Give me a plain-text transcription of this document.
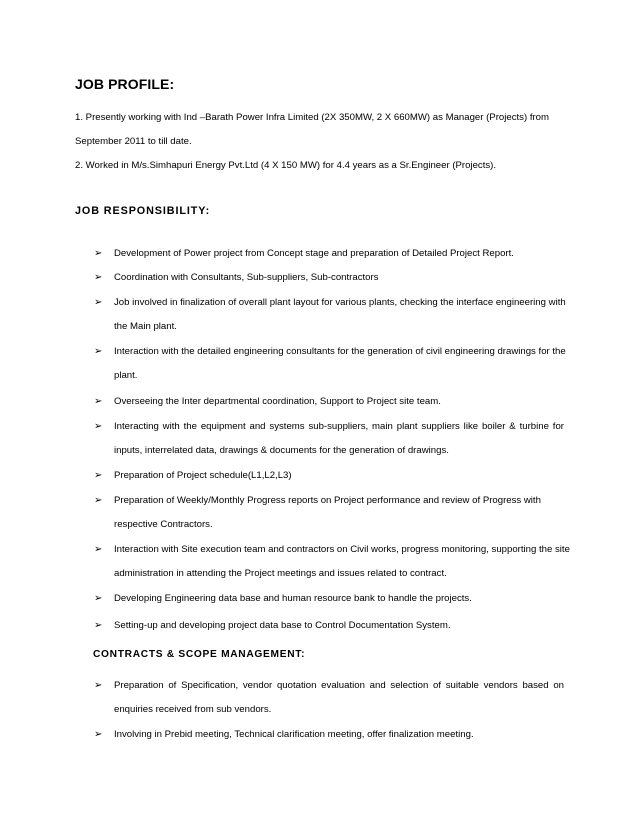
JOB PROFILE:
1. Presently working with Ind –Barath Power Infra Limited (2X 350MW, 2 X 660MW) as Manager (Projects) from
September 2011 to till date.
2. Worked in M/s.Simhapuri Energy Pvt.Ltd (4 X 150 MW) for 4.4 years as a Sr.Engineer (Projects).
JOB RESPONSIBILITY:
➢ Development of Power project from Concept stage and preparation of Detailed Project Report.
➢ Coordination with Consultants, Sub-suppliers, Sub-contractors
➢ Job involved in finalization of overall plant layout for various plants, checking the interface engineering with
the Main plant.
➢ Interaction with the detailed engineering consultants for the generation of civil engineering drawings for the
plant.
➢ Overseeing the Inter departmental coordination, Support to Project site team.
➢ Interacting with the equipment and systems sub-suppliers, main plant suppliers like boiler & turbine for
inputs, interrelated data, drawings & documents for the generation of drawings.
➢ Preparation of Project schedule(L1,L2,L3)
➢ Preparation of Weekly/Monthly Progress reports on Project performance and review of Progress with
respective Contractors.
➢ Interaction with Site execution team and contractors on Civil works, progress monitoring, supporting the site
administration in attending the Project meetings and issues related to contract.
➢ Developing Engineering data base and human resource bank to handle the projects.
➢ Setting-up and developing project data base to Control Documentation System.
CONTRACTS & SCOPE MANAGEMENT:
➢ Preparation of Specification, vendor quotation evaluation and selection of suitable vendors based on
enquiries received from sub vendors.
➢ Involving in Prebid meeting, Technical clarification meeting, offer finalization meeting.
